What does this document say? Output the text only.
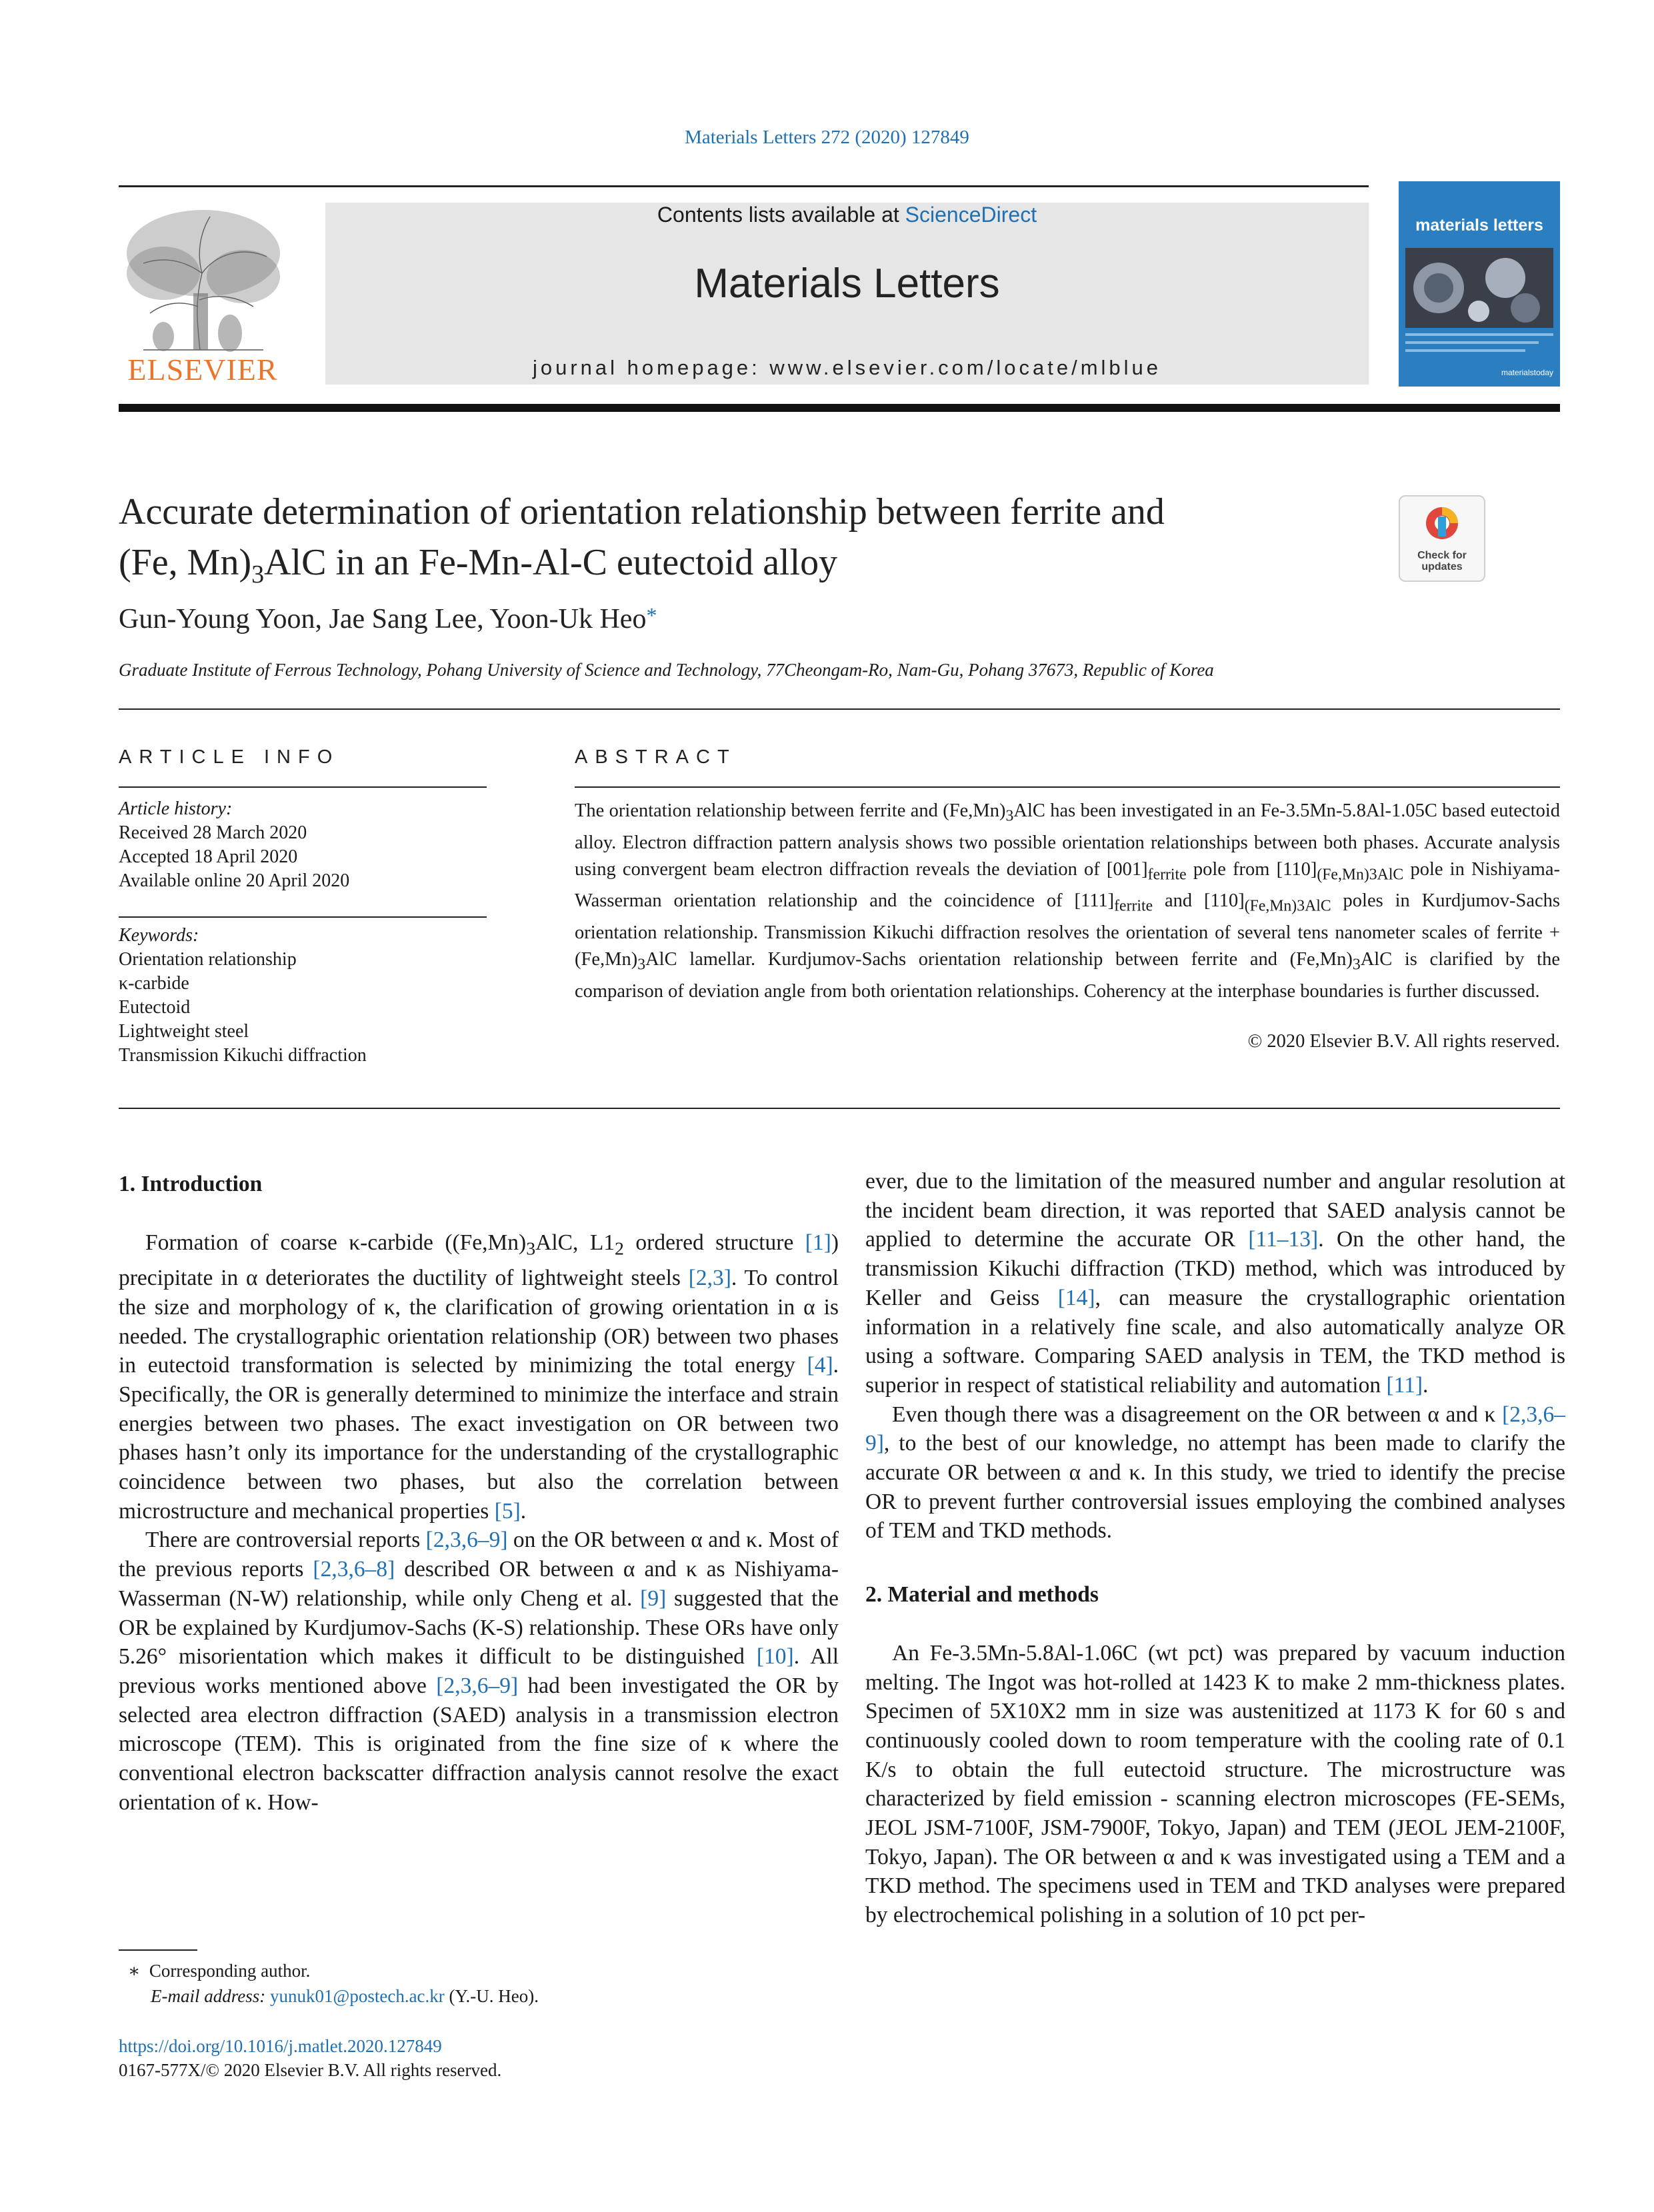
Materials Letters 272 (2020) 127849
ELSEVIER
Contents lists available at ScienceDirect
Materials Letters
journal homepage: www.elsevier.com/locate/mlblue
materials letters
materialstoday
Accurate determination of orientation relationship between ferrite and
(Fe, $Mn)_3AlC$ in an Fe-Mn-Al-C eutectoid alloy	Check for
updates
Gun-Young Yoon, Jae Sang Lee, Yoon-Uk Heo*
Graduate Institute of Ferrous Technology, Pohang University of Science and Technology, 77Cheongam-Ro, Nam-Gu, Pohang 37673, Republic of Korea
ARTICLE INFO
Article history:
Received 28 March 2020
Accepted 18 April 2020
Available online 20 April 2020
Keywords:
Orientation relationship
κ-carbide
Eutectoid
Lightweight steel
Transmission Kikuchi diffraction
ABSTRACT
The orientation relationship between ferrite and $(Fe,Mn)_3AlC$ has been investigated in an Fe-3.5Mn-5.8Al-1.05C based eutectoid alloy. Electron diffraction pattern analysis shows two possible orientation relationships between both phases. Accurate analysis using convergent beam electron diffraction reveals the deviation of $[001]_{ferrite}$ pole from $[110]_{(Fe,Mn)3AlC}$ pole in Nishiyama-Wasserman orientation relationship and the coincidence of $[111]_{ferrite}$ and $[110]_{(Fe,Mn)3AlC}$ poles in Kurdjumov-Sachs orientation relationship. Transmission Kikuchi diffraction resolves the orientation of several tens nanometer scales of ferrite $+(Fe,Mn)_3AlC$ lamellar. Kurdjumov-Sachs orientation relationship between ferrite and $(Fe,Mn)_3AlC$ is clarified by the comparison of deviation angle from both orientation relationships. Coherency at the interphase boundaries is further discussed.
© 2020 Elsevier B.V. All rights reserved.
1. Introduction

Formation of coarse κ-carbide ($(Fe,Mn)_3AlC$, $L1_2$ ordered structure [1]) precipitate in α deteriorates the ductility of lightweight steels [2,3]. To control the size and morphology of κ, the clarification of growing orientation in α is needed. The crystallographic orientation relationship (OR) between two phases in eutectoid transformation is selected by minimizing the total energy [4]. Specifically, the OR is generally determined to minimize the interface and strain energies between two phases. The exact investigation on OR between two phases hasn’t only its importance for the understanding of the crystallographic coincidence between two phases, but also the correlation between microstructure and mechanical properties [5].

There are controversial reports [2,3,6–9] on the OR between α and κ. Most of the previous reports [2,3,6–8] described OR between α and κ as Nishiyama-Wasserman (N-W) relationship, while only Cheng et al. [9] suggested that the OR be explained by Kurdjumov-Sachs (K-S) relationship. These ORs have only 5.26° misorientation which makes it difficult to be distinguished [10]. All previous works mentioned above [2,3,6–9] had been investigated the OR by selected area electron diffraction (SAED) analysis in a transmission electron microscope (TEM). This is originated from the fine size of κ where the conventional electron backscatter diffraction analysis cannot resolve the exact orientation of κ. How-

ever, due to the limitation of the measured number and angular resolution at the incident beam direction, it was reported that SAED analysis cannot be applied to determine the accurate OR [11–13]. On the other hand, the transmission Kikuchi diffraction (TKD) method, which was introduced by Keller and Geiss [14], can measure the crystallographic orientation information in a relatively fine scale, and also automatically analyze OR using a software. Comparing SAED analysis in TEM, the TKD method is superior in respect of statistical reliability and automation [11].

Even though there was a disagreement on the OR between α and κ [2,3,6–9], to the best of our knowledge, no attempt has been made to clarify the accurate OR between α and κ. In this study, we tried to identify the precise OR to prevent further controversial issues employing the combined analyses of TEM and TKD methods.

2. Material and methods

An Fe-3.5Mn-5.8Al-1.06C (wt pct) was prepared by vacuum induction melting. The Ingot was hot-rolled at 1423 K to make 2 mm-thickness plates. Specimen of 5X10X2 mm in size was austenitized at 1173 K for 60 s and continuously cooled down to room temperature with the cooling rate of 0.1 K/s to obtain the full eutectoid structure. The microstructure was characterized by field emission - scanning electron microscopes (FE-SEMs, JEOL JSM-7100F, JSM-7900F, Tokyo, Japan) and TEM (JEOL JEM-2100F, Tokyo, Japan). The OR between α and κ was investigated using a TEM and a TKD method. The specimens used in TEM and TKD analyses were prepared by electrochemical polishing in a solution of 10 pct per-

∗ Corresponding author.
E-mail address: yunuk01@postech.ac.kr (Y.-U. Heo).
https://doi.org/10.1016/j.matlet.2020.127849
0167-577X/© 2020 Elsevier B.V. All rights reserved.
